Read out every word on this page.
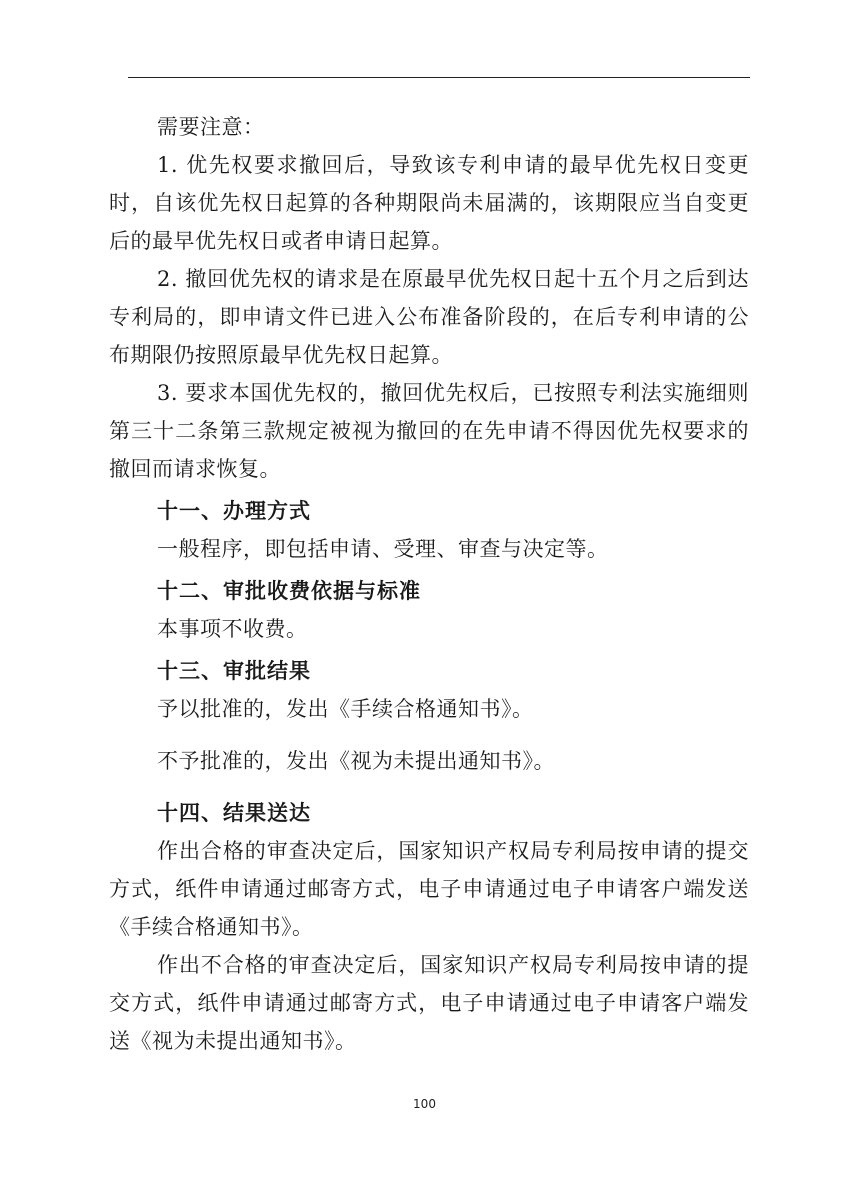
需要注意：

1. 优先权要求撤回后，导致该专利申请的最早优先权日变更时，自该优先权日起算的各种期限尚未届满的，该期限应当自变更后的最早优先权日或者申请日起算。

2. 撤回优先权的请求是在原最早优先权日起十五个月之后到达专利局的，即申请文件已进入公布准备阶段的，在后专利申请的公布期限仍按照原最早优先权日起算。

3. 要求本国优先权的，撤回优先权后，已按照专利法实施细则第三十二条第三款规定被视为撤回的在先申请不得因优先权要求的撤回而请求恢复。

十一、办理方式

一般程序，即包括申请、受理、审查与决定等。

十二、审批收费依据与标准

本事项不收费。

十三、审批结果

予以批准的，发出《手续合格通知书》。

不予批准的，发出《视为未提出通知书》。

十四、结果送达

作出合格的审查决定后，国家知识产权局专利局按申请的提交方式，纸件申请通过邮寄方式，电子申请通过电子申请客户端发送《手续合格通知书》。

作出不合格的审查决定后，国家知识产权局专利局按申请的提交方式，纸件申请通过邮寄方式，电子申请通过电子申请客户端发送《视为未提出通知书》。

100
